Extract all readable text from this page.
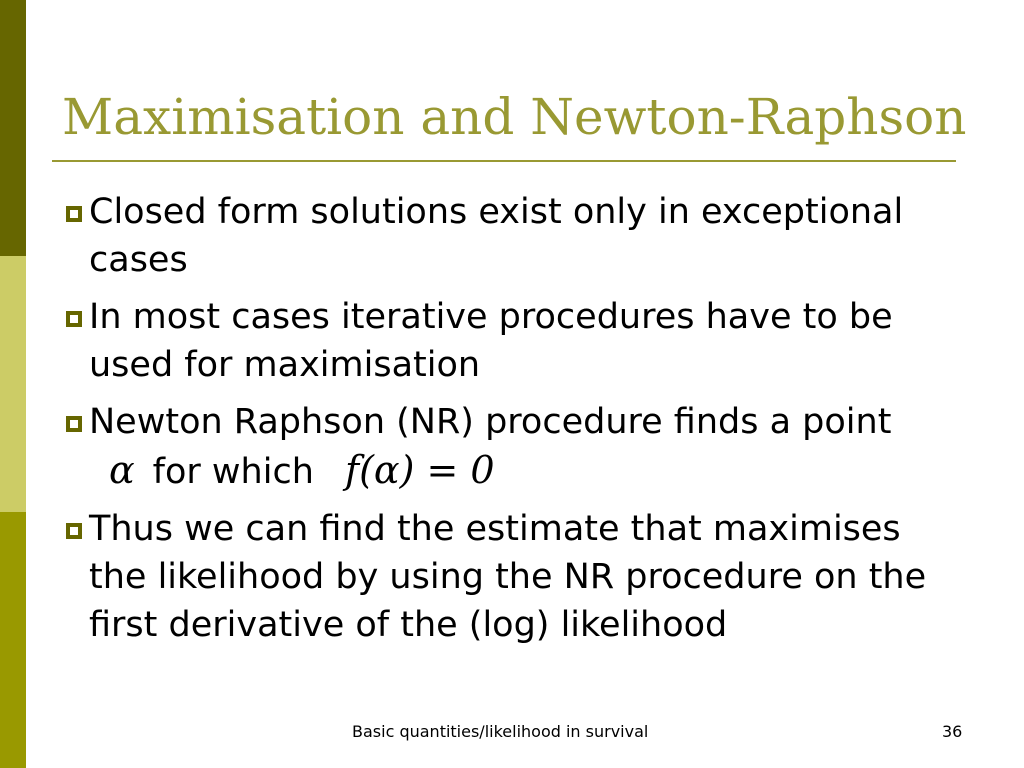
Maximisation and Newton-Raphson
Closed form solutions exist only in exceptional cases
In most cases iterative procedures have to be used for maximisation
Newton Raphson (NR) procedure finds a point α for which f(α) = 0
Thus we can find the estimate that maximises the likelihood by using the NR procedure on the first derivative of the (log) likelihood
Basic quantities/likelihood in survival	36
